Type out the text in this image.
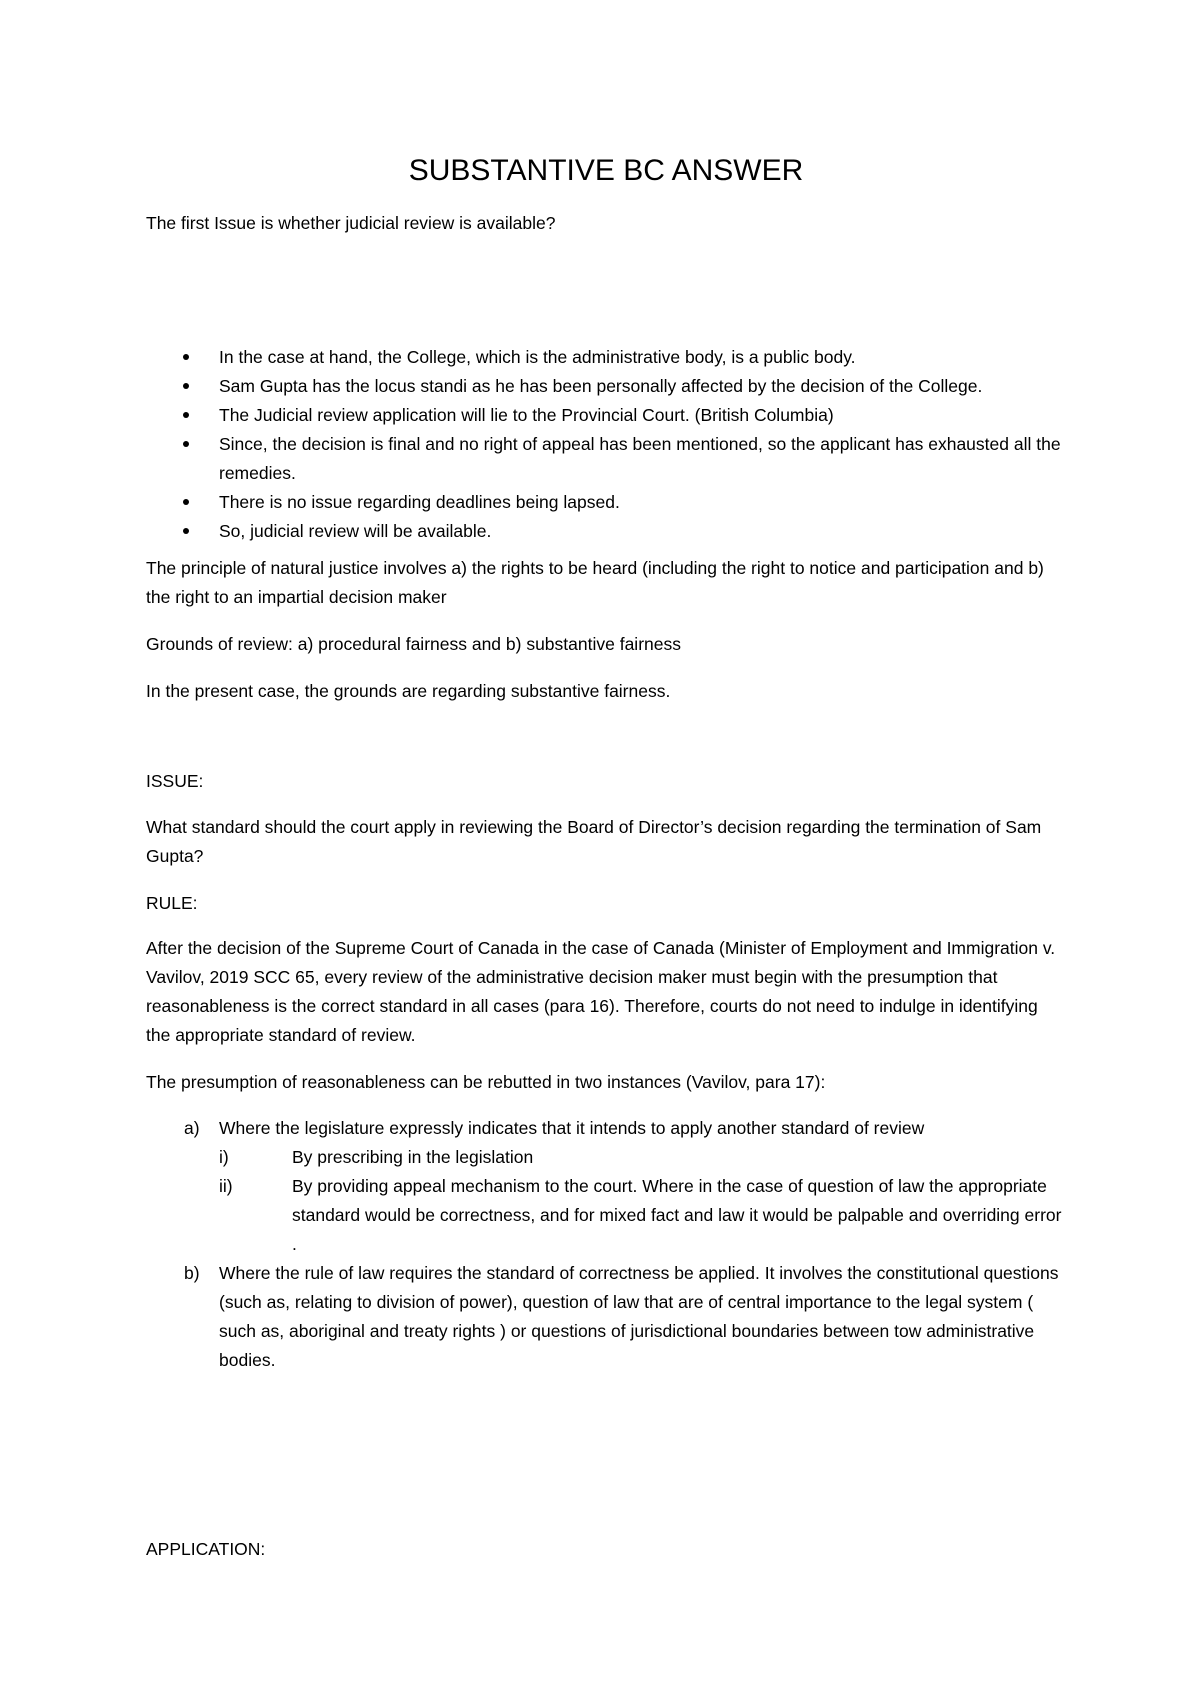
SUBSTANTIVE BC ANSWER

The first Issue is whether judicial review is available?

In the case at hand, the College, which is the administrative body, is a public body.
Sam Gupta has the locus standi as he has been personally affected by the decision of the College.
The Judicial review application will lie to the Provincial Court. (British Columbia)
Since, the decision is final and no right of appeal has been mentioned, so the applicant has exhausted all the remedies.
There is no issue regarding deadlines being lapsed.
So, judicial review will be available.

The principle of natural justice involves a) the rights to be heard (including the right to notice and participation and b) the right to an impartial decision maker

Grounds of review: a) procedural fairness and b) substantive fairness

In the present case, the grounds are regarding substantive fairness.

ISSUE:

What standard should the court apply in reviewing the Board of Director’s decision regarding the termination of Sam Gupta?

RULE:

After the decision of the Supreme Court of Canada in the case of Canada (Minister of Employment and Immigration v. Vavilov, 2019 SCC 65, every review of the administrative decision maker must begin with the presumption that reasonableness is the correct standard in all cases (para 16). Therefore, courts do not need to indulge in identifying the appropriate standard of review.

The presumption of reasonableness can be rebutted in two instances (Vavilov, para 17):

a) Where the legislature expressly indicates that it intends to apply another standard of review
i)	By prescribing in the legislation
ii)	By providing appeal mechanism to the court. Where in the case of question of law the appropriate standard would be correctness, and for mixed fact and law it would be palpable and overriding error .
b) Where the rule of law requires the standard of correctness be applied. It involves the constitutional questions (such as, relating to division of power), question of law that are of central importance to the legal system ( such as, aboriginal and treaty rights ) or questions of jurisdictional boundaries between tow administrative bodies.

APPLICATION:
